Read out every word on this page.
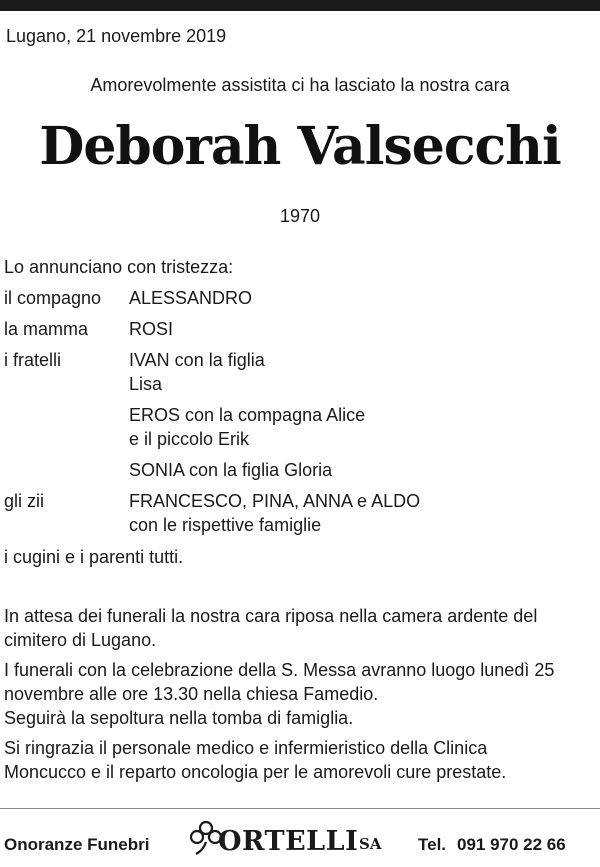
Lugano, 21 novembre 2019
Amorevolmente assistita ci ha lasciato la nostra cara
Deborah Valsecchi
1970
Lo annunciano con tristezza:
il compagno	ALESSANDRO
la mamma	ROSI
i fratelli	IVAN con la figlia
Lisa
EROS con la compagna Alice
e il piccolo Erik
SONIA con la figlia Gloria
gli zii	FRANCESCO, PINA, ANNA e ALDO
con le rispettive famiglie
i cugini e i parenti tutti.
In attesa dei funerali la nostra cara riposa nella camera ardente del
cimitero di Lugano.
I funerali con la celebrazione della S. Messa avranno luogo lunedì 25
novembre alle ore 13.30 nella chiesa Famedio.
Seguirà la sepoltura nella tomba di famiglia.
Si ringrazia il personale medico e infermieristico della Clinica
Moncucco e il reparto oncologia per le amorevoli cure prestate.
Onoranze Funebri	ORTELLI SA Tel. 091 970 22 66
